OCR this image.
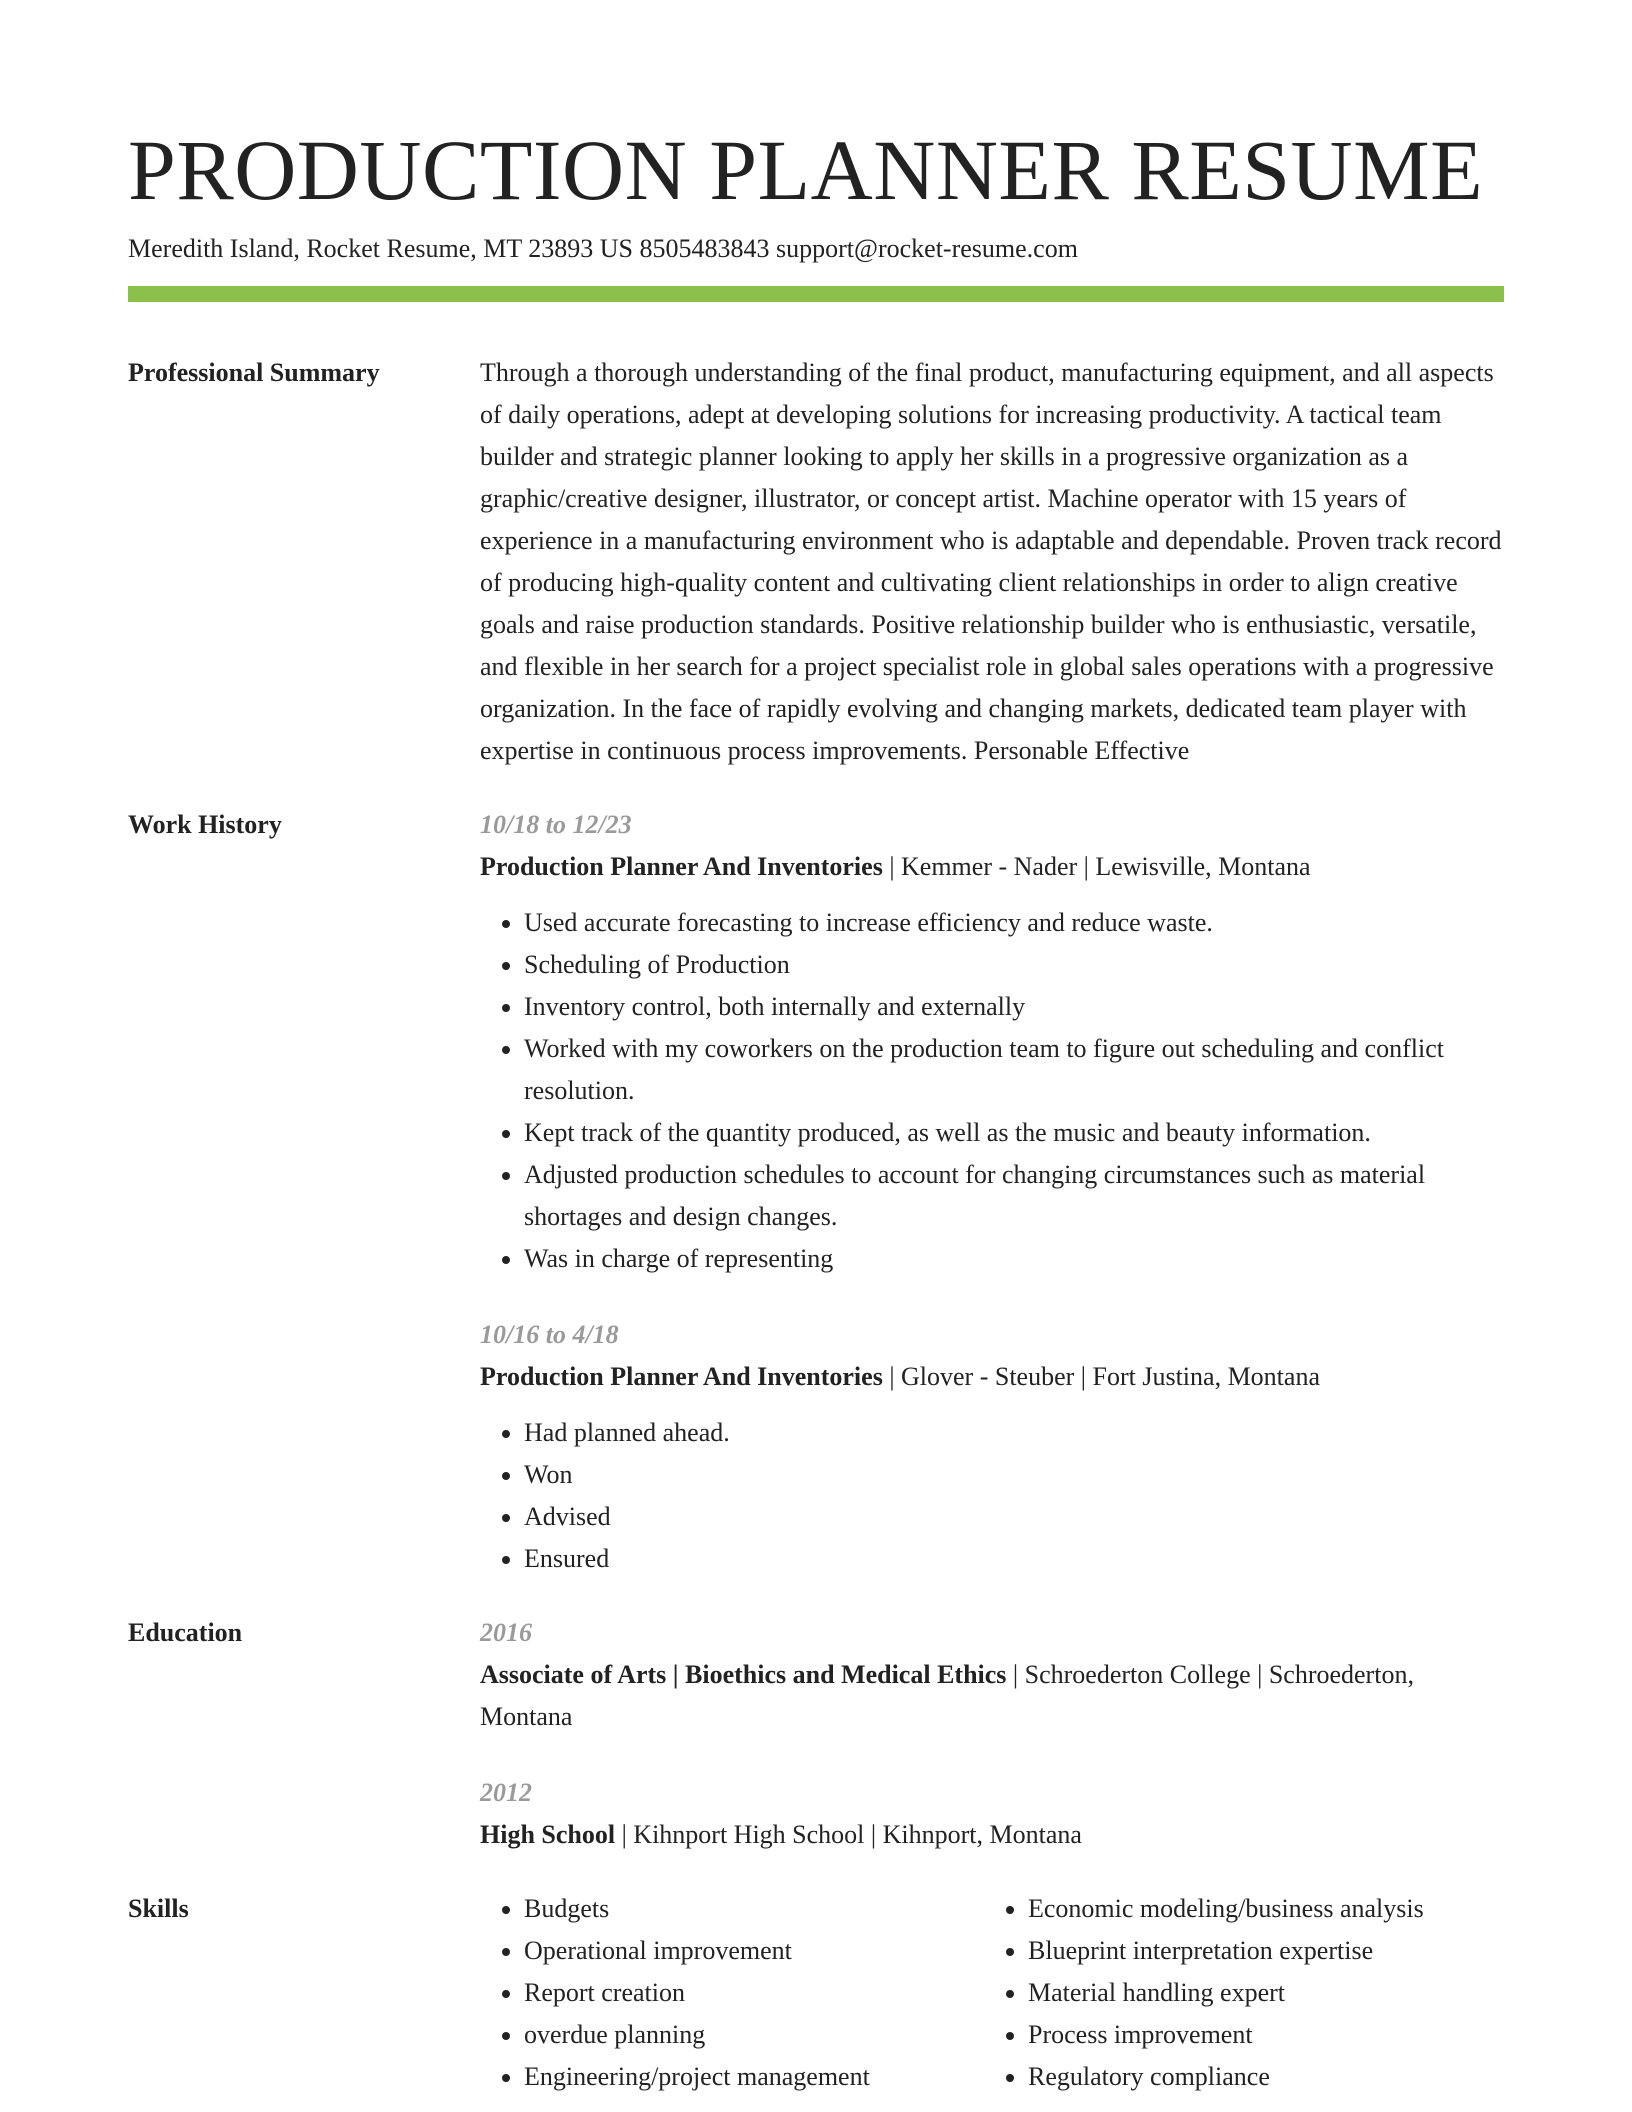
PRODUCTION PLANNER RESUME
Meredith Island, Rocket Resume, MT 23893 US 8505483843 support@rocket-resume.com
Professional Summary	Through a thorough understanding of the final product, manufacturing equipment, and all aspects of daily operations, adept at developing solutions for increasing productivity. A tactical team builder and strategic planner looking to apply her skills in a progressive organization as a graphic/creative designer, illustrator, or concept artist. Machine operator with 15 years of experience in a manufacturing environment who is adaptable and dependable. Proven track record of producing high-quality content and cultivating client relationships in order to align creative goals and raise production standards. Positive relationship builder who is enthusiastic, versatile, and flexible in her search for a project specialist role in global sales operations with a progressive organization. In the face of rapidly evolving and changing markets, dedicated team player with expertise in continuous process improvements. Personable Effective
Work History	10/18 to 12/23
Production Planner And Inventories | Kemmer - Nader | Lewisville, Montana
• Used accurate forecasting to increase efficiency and reduce waste.
• Scheduling of Production
• Inventory control, both internally and externally
• Worked with my coworkers on the production team to figure out scheduling and conflict resolution.
• Kept track of the quantity produced, as well as the music and beauty information.
• Adjusted production schedules to account for changing circumstances such as material shortages and design changes.
• Was in charge of representing
10/16 to 4/18
Production Planner And Inventories | Glover - Steuber | Fort Justina, Montana
• Had planned ahead.
• Won
• Advised
• Ensured
Education	2016
Associate of Arts | Bioethics and Medical Ethics | Schroederton College | Schroederton, Montana
2012
High School | Kihnport High School | Kihnport, Montana
Skills
•	Budgets
• Operational improvement
• Report creation
• overdue planning
• Engineering/project management
• Economic modeling/business analysis
• Blueprint interpretation expertise
• Material handling expert
• Process improvement
• Regulatory compliance
